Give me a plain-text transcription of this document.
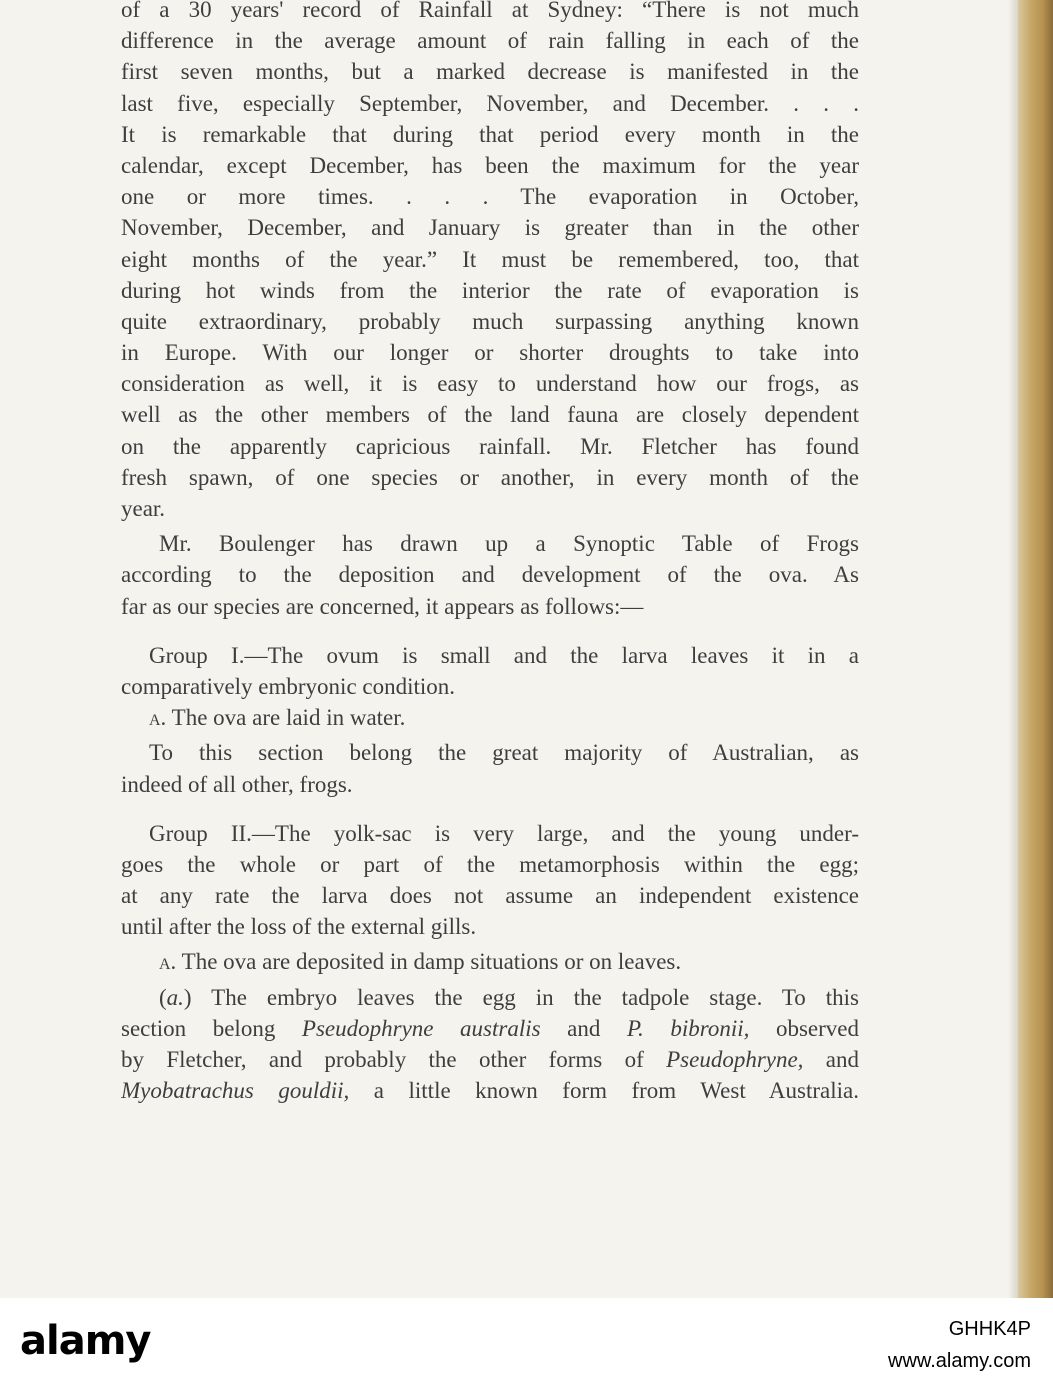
of a 30 years' record of Rainfall at Sydney: “There is not much
difference in the average amount of rain falling in each of the
first seven months, but a marked decrease is manifested in the
last five, especially September, November, and December. . . .
It is remarkable that during that period every month in the
calendar, except December, has been the maximum for the year
one or more times. . . . The evaporation in October,
November, December, and January is greater than in the other
eight months of the year.” It must be remembered, too, that
during hot winds from the interior the rate of evaporation is
quite extraordinary, probably much surpassing anything known
in Europe. With our longer or shorter droughts to take into
consideration as well, it is easy to understand how our frogs, as
well as the other members of the land fauna are closely dependent
on the apparently capricious rainfall. Mr. Fletcher has found
fresh spawn, of one species or another, in every month of the
year.
Mr. Boulenger has drawn up a Synoptic Table of Frogs
according to the deposition and development of the ova. As
far as our species are concerned, it appears as follows:—
Group I.—The ovum is small and the larva leaves it in a
comparatively embryonic condition.
a. The ova are laid in water.
To this section belong the great majority of Australian, as
indeed of all other, frogs.
Group II.—The yolk-sac is very large, and the young under-
goes the whole or part of the metamorphosis within the egg;
at any rate the larva does not assume an independent existence
until after the loss of the external gills.
a. The ova are deposited in damp situations or on leaves.
(a.) The embryo leaves the egg in the tadpole stage. To this
section belong Pseudophryne australis and P. bibronii, observed
by Fletcher, and probably the other forms of Pseudophryne, and
Myobatrachus gouldii, a little known form from West Australia.
alamy	GHHK4P
www.alamy.com
